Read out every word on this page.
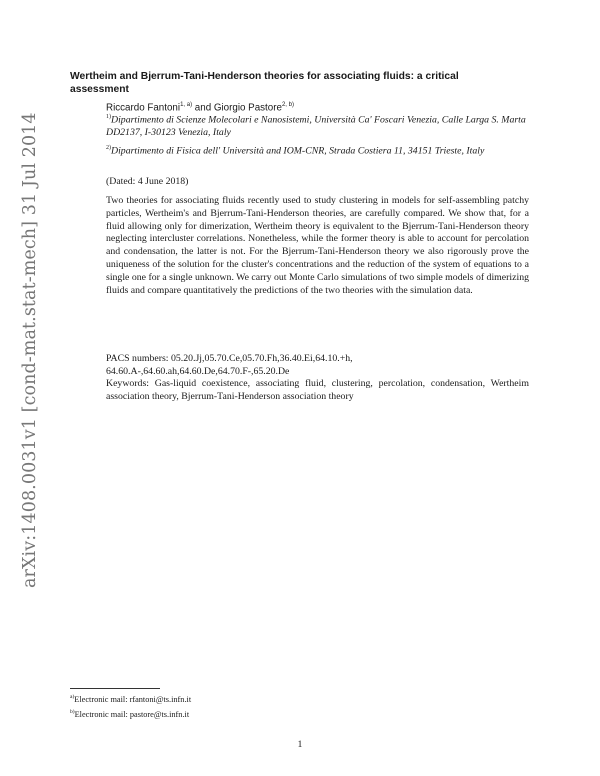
arXiv:1408.0031v1 [cond-mat.stat-mech] 31 Jul 2014
Wertheim and Bjerrum-Tani-Henderson theories for associating fluids: a critical assessment
Riccardo Fantoni$^{1, a)}$ and Giorgio Pastore$^{2, b)}$
$^{1)}$Dipartimento di Scienze Molecolari e Nanosistemi, Università Ca' Foscari Venezia, Calle Larga S. Marta DD2137, I-30123 Venezia, Italy
$^{2)}$Dipartimento di Fisica dell' Università and IOM-CNR, Strada Costiera 11, 34151 Trieste, Italy
(Dated: 4 June 2018)

Two theories for associating fluids recently used to study clustering in models for self-assembling patchy particles, Wertheim's and Bjerrum-Tani-Henderson theories, are carefully compared. We show that, for a fluid allowing only for dimerization, Wertheim theory is equivalent to the Bjerrum-Tani-Henderson theory neglecting intercluster correlations. Nonetheless, while the former theory is able to account for percolation and condensation, the latter is not. For the Bjerrum-Tani-Henderson theory we also rigorously prove the uniqueness of the solution for the cluster's concentrations and the reduction of the system of equations to a single one for a single unknown. We carry out Monte Carlo simulations of two simple models of dimerizing fluids and compare quantitatively the predictions of the two theories with the simulation data.

PACS numbers: 05.20.Jj,05.70.Ce,05.70.Fh,36.40.Ei,64.10.+h,
64.60.A-,64.60.ah,64.60.De,64.70.F-,65.20.De
Keywords: Gas-liquid coexistence, associating fluid, clustering, percolation, condensation, Wertheim association theory, Bjerrum-Tani-Henderson association theory
$^{a)}$Electronic mail: rfantoni@ts.infn.it
$^{b)}$Electronic mail: pastore@ts.infn.it
1
